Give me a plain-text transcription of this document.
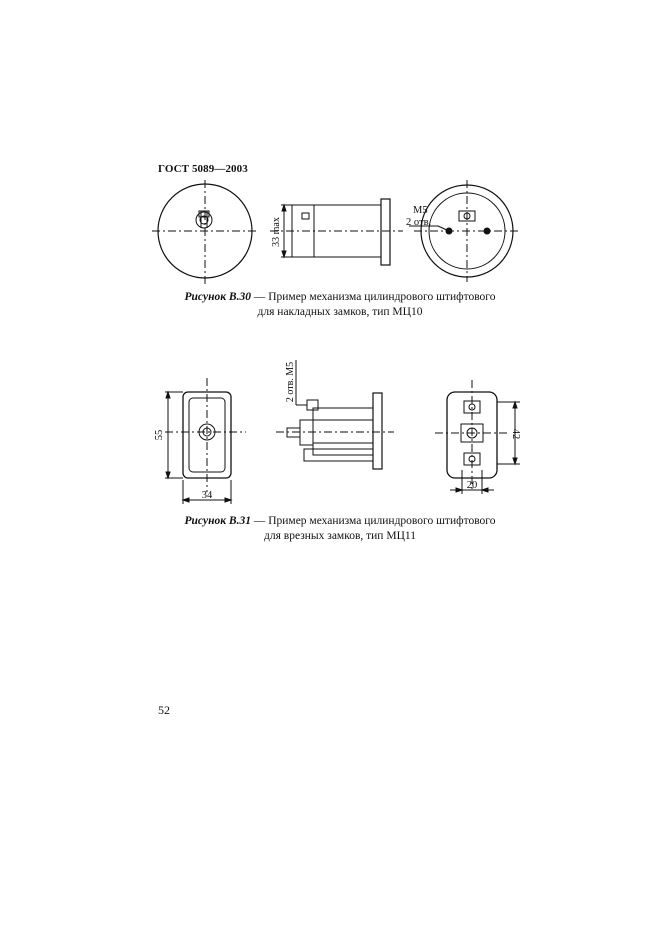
ГОСТ 5089—2003
33 max
М5
2 отв.
55
34
2 отв. М5
42
20
Рисунок В.30 — Пример механизма цилиндрового штифтового
для накладных замков, тип МЦ10
Рисунок В.31 — Пример механизма цилиндрового штифтового
для врезных замков, тип МЦ11
52
